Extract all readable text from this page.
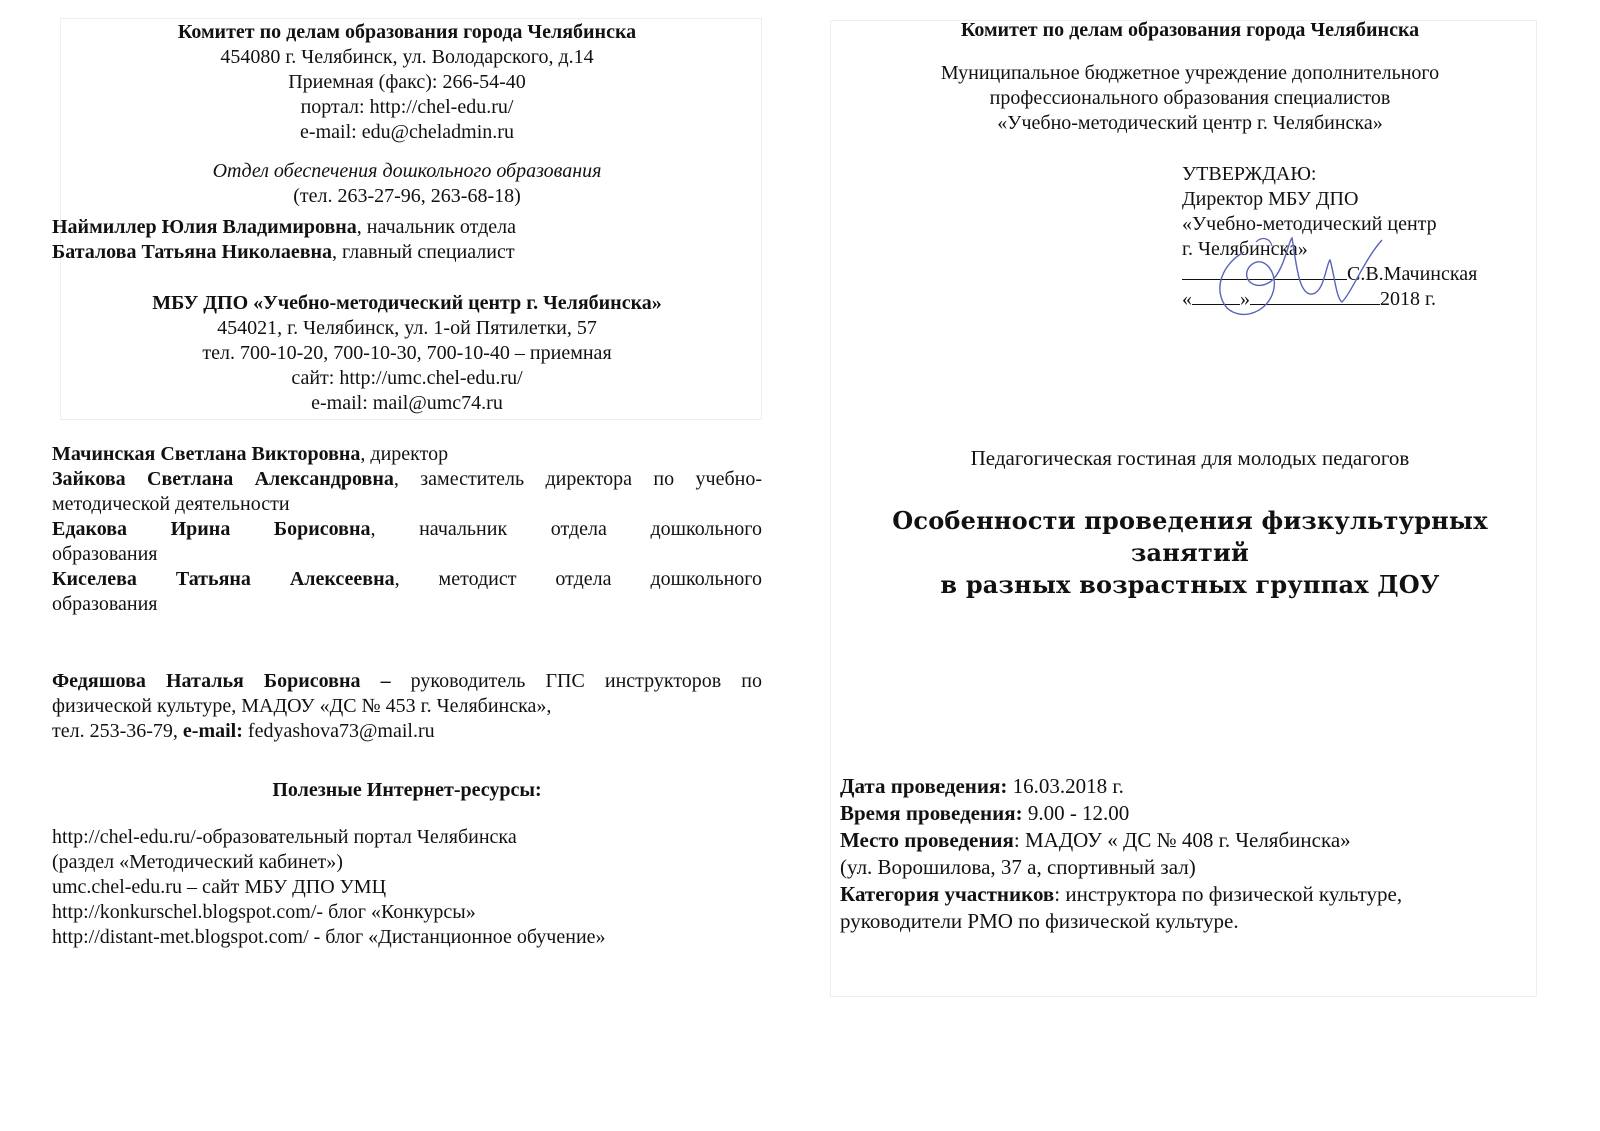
Комитет по делам образования города Челябинска
454080 г. Челябинск, ул. Володарского, д.14
Приемная (факс): 266-54-40
портал: http://chel-edu.ru/
e-mail: edu@cheladmin.ru
Отдел обеспечения дошкольного образования
(тел. 263-27-96, 263-68-18)
Наймиллер Юлия Владимировна, начальник отдела
Баталова Татьяна Николаевна, главный специалист
МБУ ДПО «Учебно-методический центр г. Челябинска»
454021, г. Челябинск, ул. 1-ой Пятилетки, 57
тел. 700-10-20, 700-10-30, 700-10-40 – приемная
сайт: http://umc.chel-edu.ru/
e-mail: mail@umc74.ru
Мачинская Светлана Викторовна, директор
Зайкова Светлана Александровна, заместитель директора по учебно-
методической деятельности
Едакова Ирина Борисовна, начальник отдела дошкольного
образования
Киселева Татьяна Алексеевна, методист отдела дошкольного
образования
Федяшова Наталья Борисовна – руководитель ГПС инструкторов по
физической культуре, МАДОУ «ДС № 453 г. Челябинска»,
тел. 253-36-79, e-mail: fedyashova73@mail.ru
Полезные Интернет-ресурсы:
http://chel-edu.ru/-образовательный портал Челябинска
(раздел «Методический кабинет»)
umc.chel-edu.ru – сайт МБУ ДПО УМЦ
http://konkurschel.blogspot.com/- блог «Конкурсы»
http://distant-met.blogspot.com/ - блог «Дистанционное обучение»
Комитет по делам образования города Челябинска
Муниципальное бюджетное учреждение дополнительного
профессионального образования специалистов
«Учебно-методический центр г. Челябинска»
УТВЕРЖДАЮ:
Директор МБУ ДПО
«Учебно-методический центр
г. Челябинска»
С.В.Мачинская
« »	2018 г.
Педагогическая гостиная для молодых педагогов
Особенности проведения физкультурных занятий
в разных возрастных группах ДОУ
Дата проведения: 16.03.2018 г.
Время проведения: 9.00 - 12.00
Место проведения: МАДОУ « ДС № 408 г. Челябинска»
(ул. Ворошилова, 37 а, спортивный зал)
Категория участников: инструктора по физической культуре,
руководители РМО по физической культуре.
